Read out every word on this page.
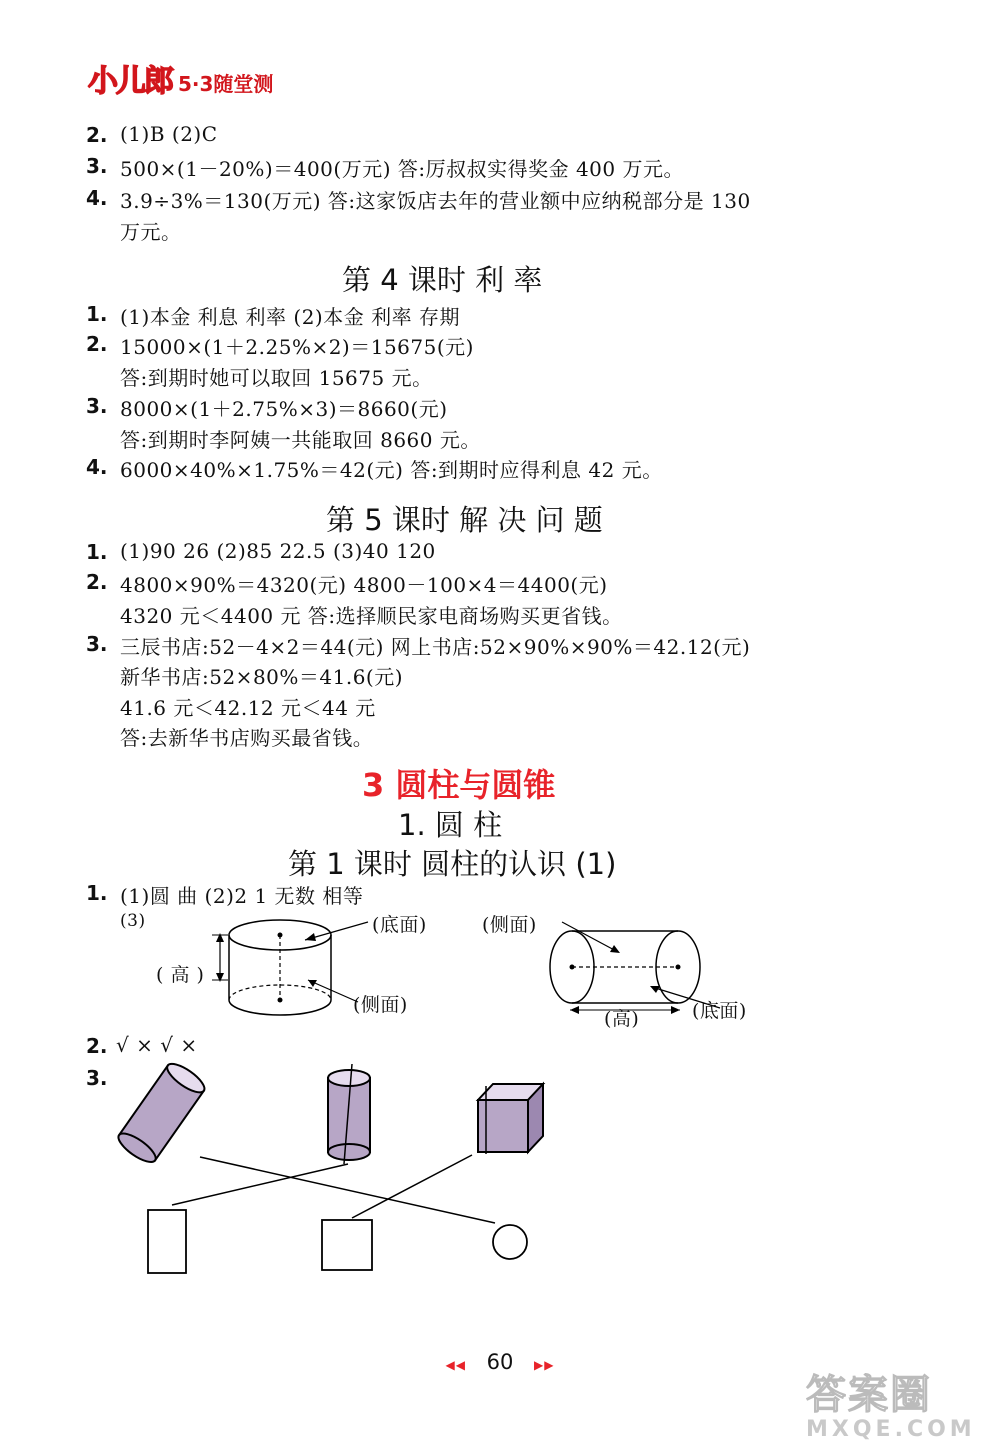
小儿郎 5·3随堂测
2. (1)B (2)C
3. 500×(1－20%)＝400(万元) 答:厉叔叔实得奖金 400 万元。
4. 3.9÷3%＝130(万元) 答:这家饭店去年的营业额中应纳税部分是 130
万元。
第 4 课时 利 率
1. (1)本金 利息 利率 (2)本金 利率 存期
2. 15000×(1＋2.25%×2)＝15675(元)
答:到期时她可以取回 15675 元。
3. 8000×(1＋2.75%×3)＝8660(元)
答:到期时李阿姨一共能取回 8660 元。
4. 6000×40%×1.75%＝42(元) 答:到期时应得利息 42 元。
第 5 课时 解 决 问 题
1. (1)90 26 (2)85 22.5 (3)40 120
2. 4800×90%＝4320(元) 4800－100×4＝4400(元)
4320 元＜4400 元 答:选择顺民家电商场购买更省钱。
3. 三辰书店:52－4×2＝44(元) 网上书店:52×90%×90%＝42.12(元)
新华书店:52×80%＝41.6(元)
41.6 元＜42.12 元＜44 元
答:去新华书店购买最省钱。
3 圆柱与圆锥
1. 圆 柱
第 1 课时 圆柱的认识 (1)
1. (1)圆 曲 (2)2 1 无数 相等
(3)	(底面)
( 高 )
(侧面)
(侧面)
(高)	(底面)
2. √ × √ ×
3.
◀◀ 60 ▶▶
答案圈
MXQE.COM
